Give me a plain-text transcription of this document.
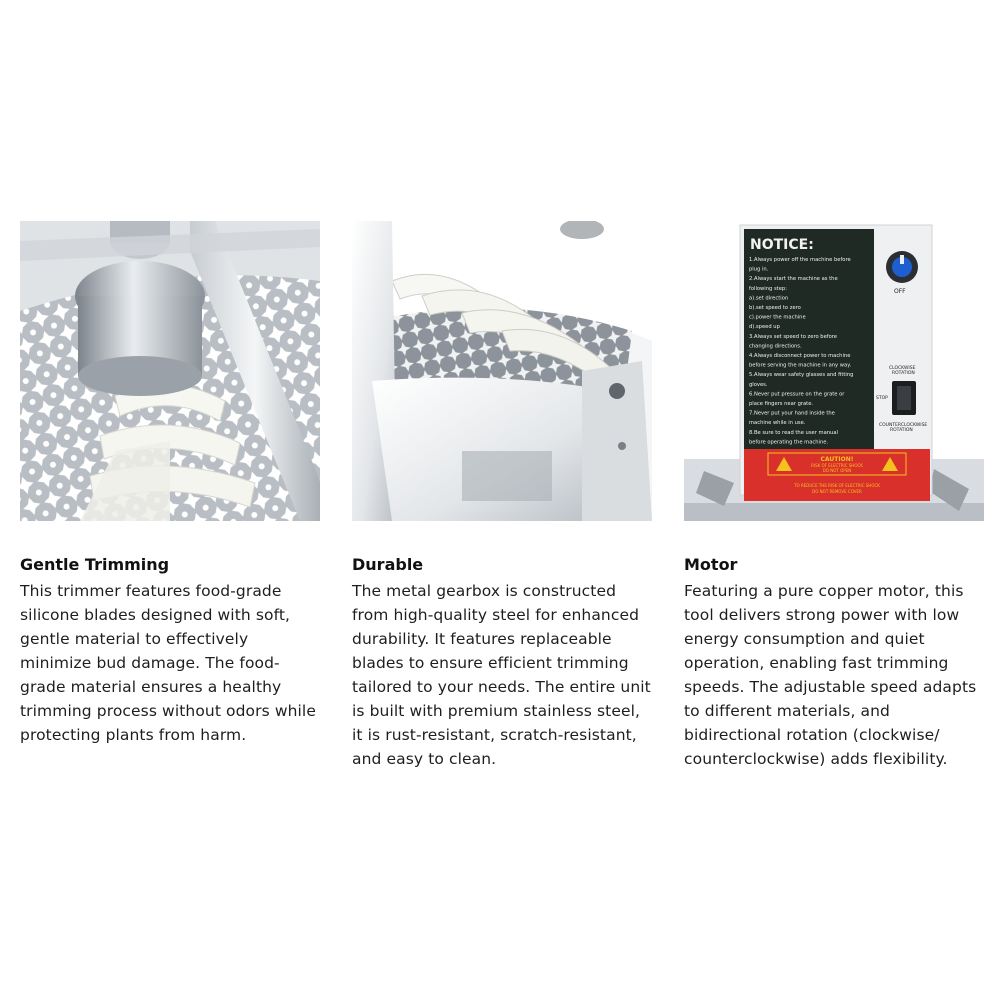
Gentle Trimming
This trimmer features food-grade silicone blades designed with soft, gentle material to effectively minimize bud damage. The food-grade material ensures a healthy trimming process without odors while protecting plants from harm.
Durable
The metal gearbox is constructed from high-quality steel for enhanced durability. It features replaceable blades to ensure efficient trimming tailored to your needs. The entire unit is built with premium stainless steel, it is rust-resistant, scratch-resistant, and easy to clean.
NOTICE:
1.Always power off the machine before
plug in.
2.Always start the machine as the
following step:
a).set direction
b).set speed to zero
c).power the machine
d).speed up
3.Always set speed to zero before
changing directions.
4.Always disconnect power to machine
before serving the machine in any way.
5.Always wear safety glasses and fitting
gloves.
6.Never put pressure on the grate or
place fingers near grate.
7.Never put your hand inside the
machine while in use.
8.Be sure to read the user manual
before operating the machine.
OFF
CLOCKWISE
ROTATION
STOP
COUNTERCLOCKWISE
ROTATION
CAUTION!
RISK OF ELECTRIC SHOCK
DO NOT OPEN
TO REDUCE THE RISK OF ELECTRIC SHOCK
DO NOT REMOVE COVER
Motor
Featuring a pure copper motor, this tool delivers strong power with low energy consumption and quiet operation, enabling fast trimming speeds. The adjustable speed adapts to different materials, and bidirectional rotation (clockwise/ counterclockwise) adds flexibility.
